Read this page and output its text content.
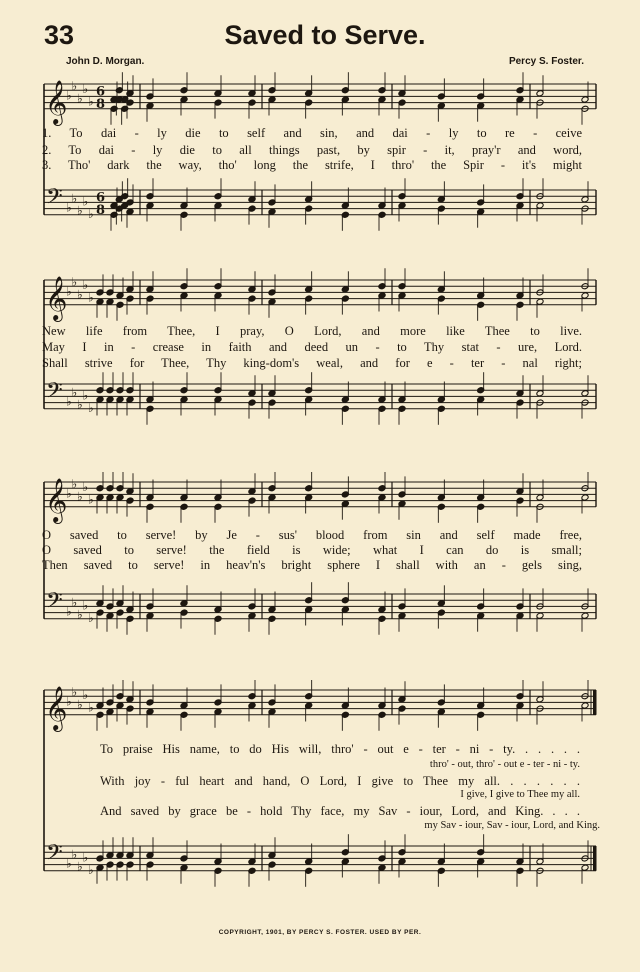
33	Saved to Serve.
John D. Morgan.	Percy S. Foster.
𝄞
𝄢
♭
♭
♭
♭
♭
♭
♭
♭
♭
♭
6
8
6
8
1. To dai - ly die to self and sin, and dai - ly to re - ceive
2. To dai - ly die to all things past, by spir - it, pray'r and word,
3. Tho' dark the way, tho' long the strife, I thro' the Spir - it's might
𝄞
𝄢
♭
♭
♭
♭
♭
♭
♭
♭
♭
♭
New life from Thee, I pray, O Lord, and more like Thee to live.
May I in - crease in faith and deed un - to Thy stat - ure, Lord.
Shall strive for Thee, Thy king-dom's weal, and for e - ter - nal right;
𝄞
𝄢
♭
♭
♭
♭
♭
♭
♭
♭
♭
♭
O saved to serve! by Je - sus' blood from sin and self made free,
O saved to serve! the field is wide; what I can do is small;
Then saved to serve! in heav'n's bright sphere I shall with an - gels sing,
𝄞
𝄢
♭
♭
♭
♭
♭
♭
♭
♭
♭
♭
To praise His name, to do His will, thro' - out e - ter - ni - ty. . . . . .
thro' - out, thro' - out e - ter - ni - ty.
With joy - ful heart and hand, O Lord, I give to Thee my all. . . . . . .
I give, I give to Thee my all.
And saved by grace be - hold Thy face, my Sav - iour, Lord, and King. . . .
my Sav - iour, Sav - iour, Lord, and King.
COPYRIGHT, 1901, BY PERCY S. FOSTER. USED BY PER.
